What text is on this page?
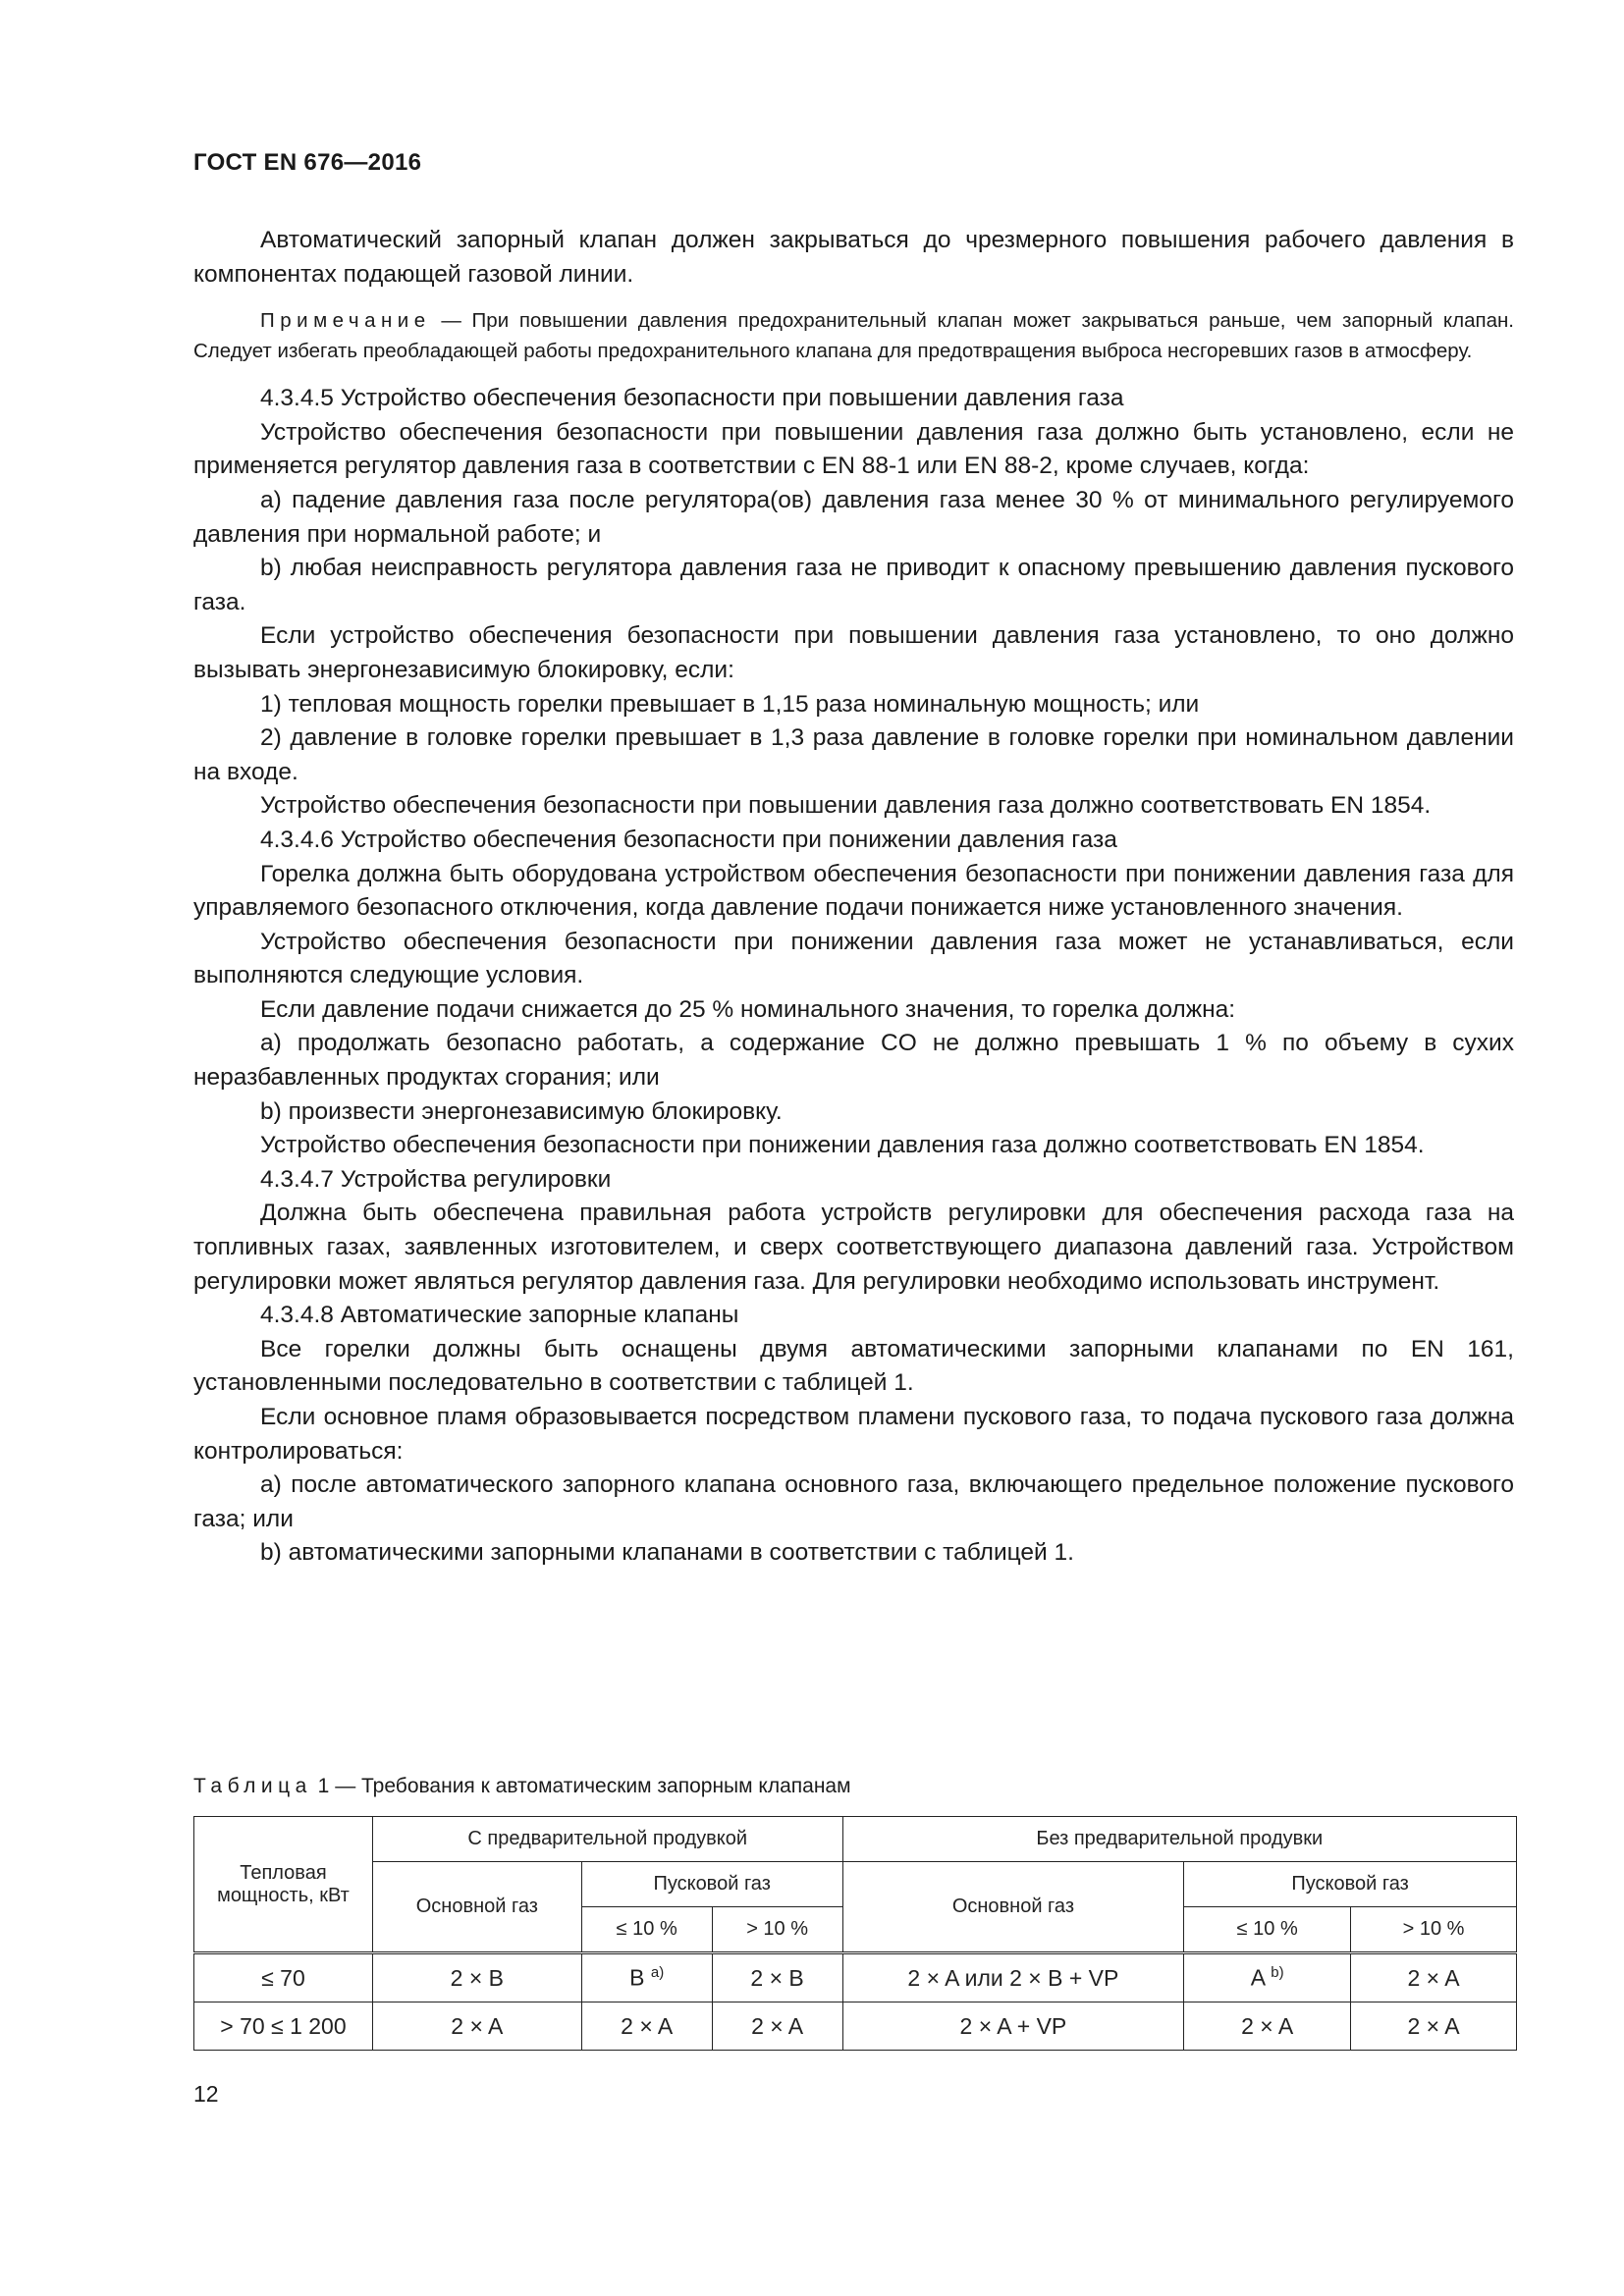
ГОСТ EN 676—2016

Автоматический запорный клапан должен закрываться до чрезмерного повышения рабочего давления в компонентах подающей газовой линии.

Примечание — При повышении давления предохранительный клапан может закрываться раньше, чем запорный клапан. Следует избегать преобладающей работы предохранительного клапана для предотвращения выброса несгоревших газов в атмосферу.

4.3.4.5 Устройство обеспечения безопасности при повышении давления газа

Устройство обеспечения безопасности при повышении давления газа должно быть установлено, если не применяется регулятор давления газа в соответствии с EN 88-1 или EN 88-2, кроме случаев, когда:

a) падение давления газа после регулятора(ов) давления газа менее 30 % от минимального регулируемого давления при нормальной работе; и

b) любая неисправность регулятора давления газа не приводит к опасному превышению давления пускового газа.

Если устройство обеспечения безопасности при повышении давления газа установлено, то оно должно вызывать энергонезависимую блокировку, если:

1) тепловая мощность горелки превышает в 1,15 раза номинальную мощность; или

2) давление в головке горелки превышает в 1,3 раза давление в головке горелки при номинальном давлении на входе.

Устройство обеспечения безопасности при повышении давления газа должно соответствовать EN 1854.

4.3.4.6 Устройство обеспечения безопасности при понижении давления газа

Горелка должна быть оборудована устройством обеспечения безопасности при понижении давления газа для управляемого безопасного отключения, когда давление подачи понижается ниже установленного значения.

Устройство обеспечения безопасности при понижении давления газа может не устанавливаться, если выполняются следующие условия.

Если давление подачи снижается до 25 % номинального значения, то горелка должна:

a) продолжать безопасно работать, а содержание CO не должно превышать 1 % по объему в сухих неразбавленных продуктах сгорания; или

b) произвести энергонезависимую блокировку.

Устройство обеспечения безопасности при понижении давления газа должно соответствовать EN 1854.

4.3.4.7 Устройства регулировки

Должна быть обеспечена правильная работа устройств регулировки для обеспечения расхода газа на топливных газах, заявленных изготовителем, и сверх соответствующего диапазона давлений газа. Устройством регулировки может являться регулятор давления газа. Для регулировки необходимо использовать инструмент.

4.3.4.8 Автоматические запорные клапаны

Все горелки должны быть оснащены двумя автоматическими запорными клапанами по EN 161, установленными последовательно в соответствии с таблицей 1.

Если основное пламя образовывается посредством пламени пускового газа, то подача пускового газа должна контролироваться:

a) после автоматического запорного клапана основного газа, включающего предельное положение пускового газа; или

b) автоматическими запорными клапанами в соответствии с таблицей 1.

Таблица 1 — Требования к автоматическим запорным клапанам
Тепловая мощность, кВт	С предварительной продувкой			Без предварительной продувки		
	Основной газ	Пусковой газ		Основной газ	Пусковой газ	
		≤ 10 %	> 10 %		≤ 10 %	> 10 %
≤ 70	2 × B	B $^{a)}$	2 × B	2 × A или 2 × B + VP	A $^{b)}$	2 × A
> 70 ≤ 1 200	2 × A	2 × A	2 × A	2 × A + VP	2 × A	2 × A
12
